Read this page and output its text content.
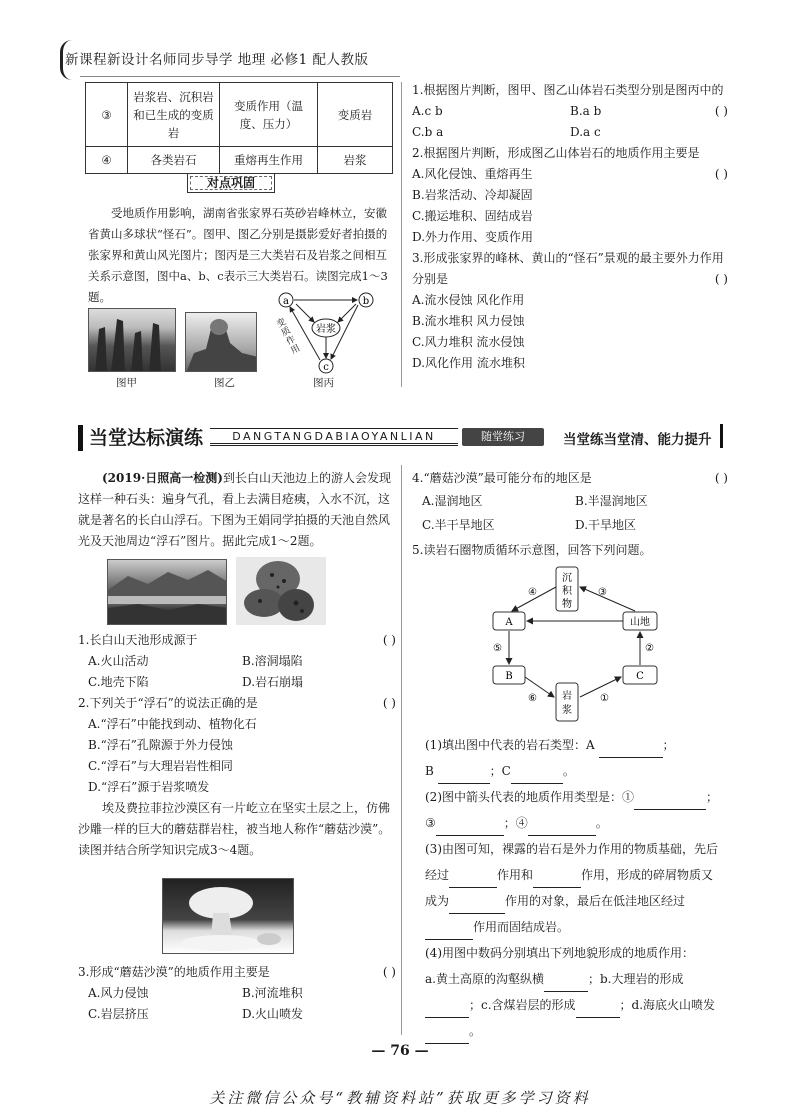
新课程新设计名师同步导学 地理 必修1 配人教版
③	岩浆岩、沉积岩和已生成的变质岩	变质作用（温度、压力）	变质岩
④	各类岩石	重熔再生作用	岩浆
对点巩固
受地质作用影响，湖南省张家界石英砂岩峰林立，安徽省黄山多球状“怪石”。图甲、图乙分别是摄影爱好者拍摄的张家界和黄山风光图片；图丙是三大类岩石及岩浆之间相互关系示意图，图中a、b、c表示三大类岩石。读图完成1～3题。
图甲	图乙	图丙
a	b
c
岩浆
变质作用

1.根据图片判断，图甲、图乙山体岩石类型分别是图丙中的

( )
A.c b	B.a b
C.b a	D.a c

2.根据图片判断，形成图乙山体岩石的地质作用主要是

( )

A.风化侵蚀、重熔再生

B.岩浆活动、冷却凝固

C.搬运堆积、固结成岩

D.外力作用、变质作用

3.形成张家界的峰林、黄山的“怪石”景观的最主要外力作用分别是	( )

A.流水侵蚀 风化作用

B.流水堆积 风力侵蚀

C.风力堆积 流水侵蚀

D.风化作用 流水堆积

当堂达标演练	DANGTANGDABIAOYANLIAN	随堂练习	当堂练当堂清、能力提升
(2019·日照高一检测)到长白山天池边上的游人会发现这样一种石头：遍身气孔，看上去满目疮痍，入水不沉，这就是著名的长白山浮石。下图为王娟同学拍摄的天池自然风光及天池周边“浮石”图片。据此完成1～2题。

1.长白山天池形成源于	( )
A.火山活动	B.溶洞塌陷
C.地壳下陷	D.岩石崩塌

2.下列关于“浮石”的说法正确的是	( )

A.“浮石”中能找到动、植物化石

B.“浮石”孔隙源于外力侵蚀

C.“浮石”与大理岩岩性相同

D.“浮石”源于岩浆喷发

埃及费拉菲拉沙漠区有一片屹立在坚实土层之上，仿佛沙雕一样的巨大的蘑菇群岩柱，被当地人称作“蘑菇沙漠”。读图并结合所学知识完成3～4题。

3.形成“蘑菇沙漠”的地质作用主要是	( )
A.风力侵蚀	B.河流堆积
C.岩层挤压	D.火山喷发

4.“蘑菇沙漠”最可能分布的地区是	( )
A.湿润地区	B.半湿润地区
C.半干旱地区	D.干旱地区

5.读岩石圈物质循环示意图，回答下列问题。

沉
积
物
A	山地
B	C
岩
浆
④	③
⑤	②
⑥	①

(1)填出图中代表的岩石类型：A	；

B	；C	。

(2)图中箭头代表的地质作用类型是：①	；

③	；④	。

(3)由图可知，裸露的岩石是外力作用的物质基础，先后

经过	作用和	作用，形成的碎屑物质又

成为	作用的对象，最后在低洼地区经过

作用而固结成岩。

(4)用图中数码分别填出下列地貌形成的地质作用：

a.黄土高原的沟壑纵横	；b.大理岩的形成

；c.含煤岩层的形成	；d.海底火山喷发

。

— 76 —
关注微信公众号“教辅资料站”获取更多学习资料
